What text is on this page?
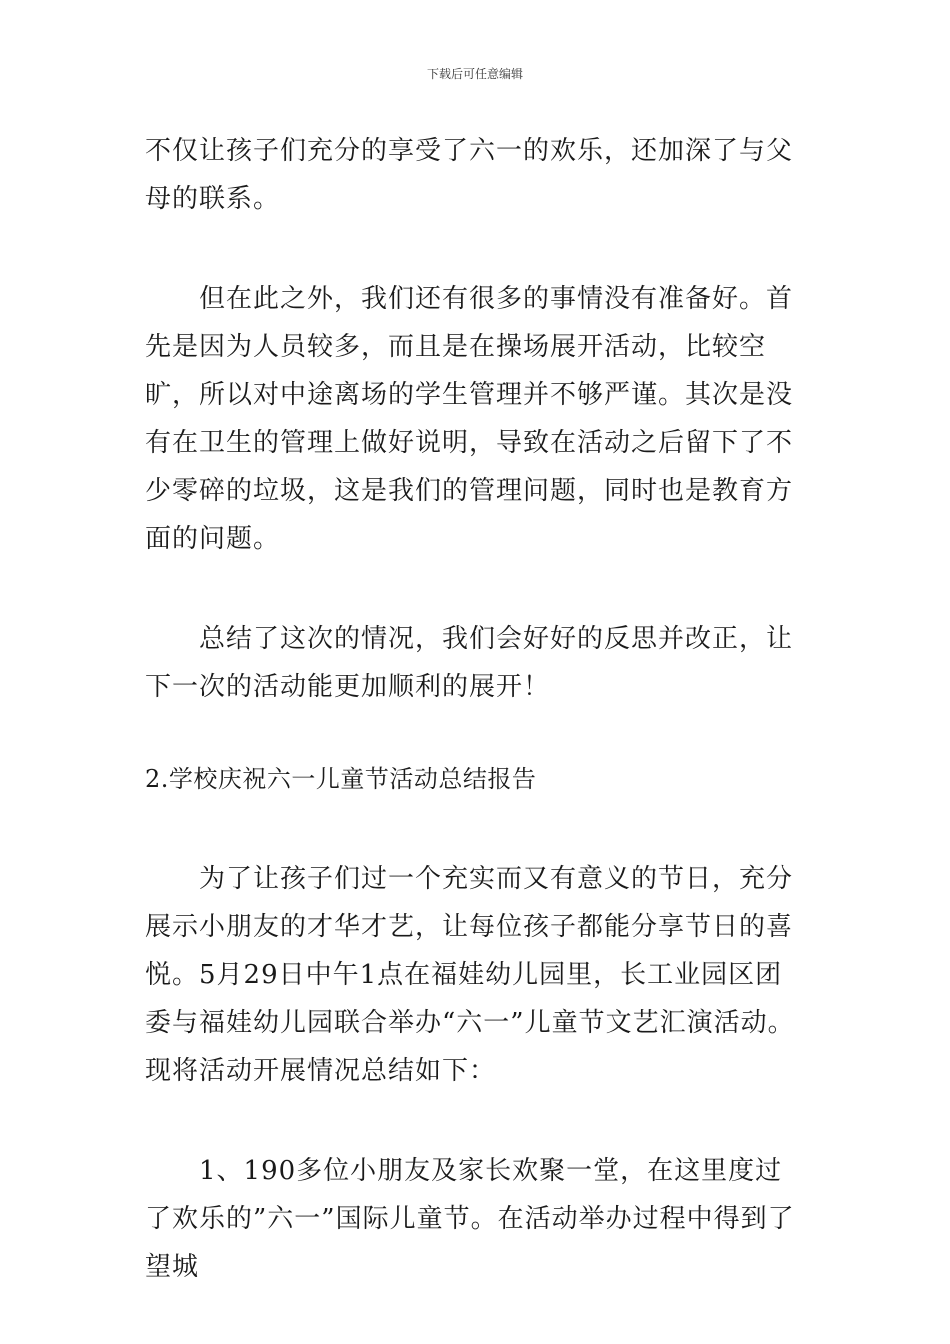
下载后可任意编辑

不仅让孩子们充分的享受了六一的欢乐，还加深了与父母的联系。

但在此之外，我们还有很多的事情没有准备好。首先是因为人员较多，而且是在操场展开活动，比较空旷，所以对中途离场的学生管理并不够严谨。其次是没有在卫生的管理上做好说明，导致在活动之后留下了不少零碎的垃圾，这是我们的管理问题，同时也是教育方面的问题。

总结了这次的情况，我们会好好的反思并改正，让下一次的活动能更加顺利的展开！

2.学校庆祝六一儿童节活动总结报告

为了让孩子们过一个充实而又有意义的节日，充分展示小朋友的才华才艺，让每位孩子都能分享节日的喜悦。5月29日中午1点在福娃幼儿园里，长工业园区团委与福娃幼儿园联合举办“六一”儿童节文艺汇演活动。现将活动开展情况总结如下：

1、190多位小朋友及家长欢聚一堂，在这里度过了欢乐的”六一”国际儿童节。在活动举办过程中得到了望城
